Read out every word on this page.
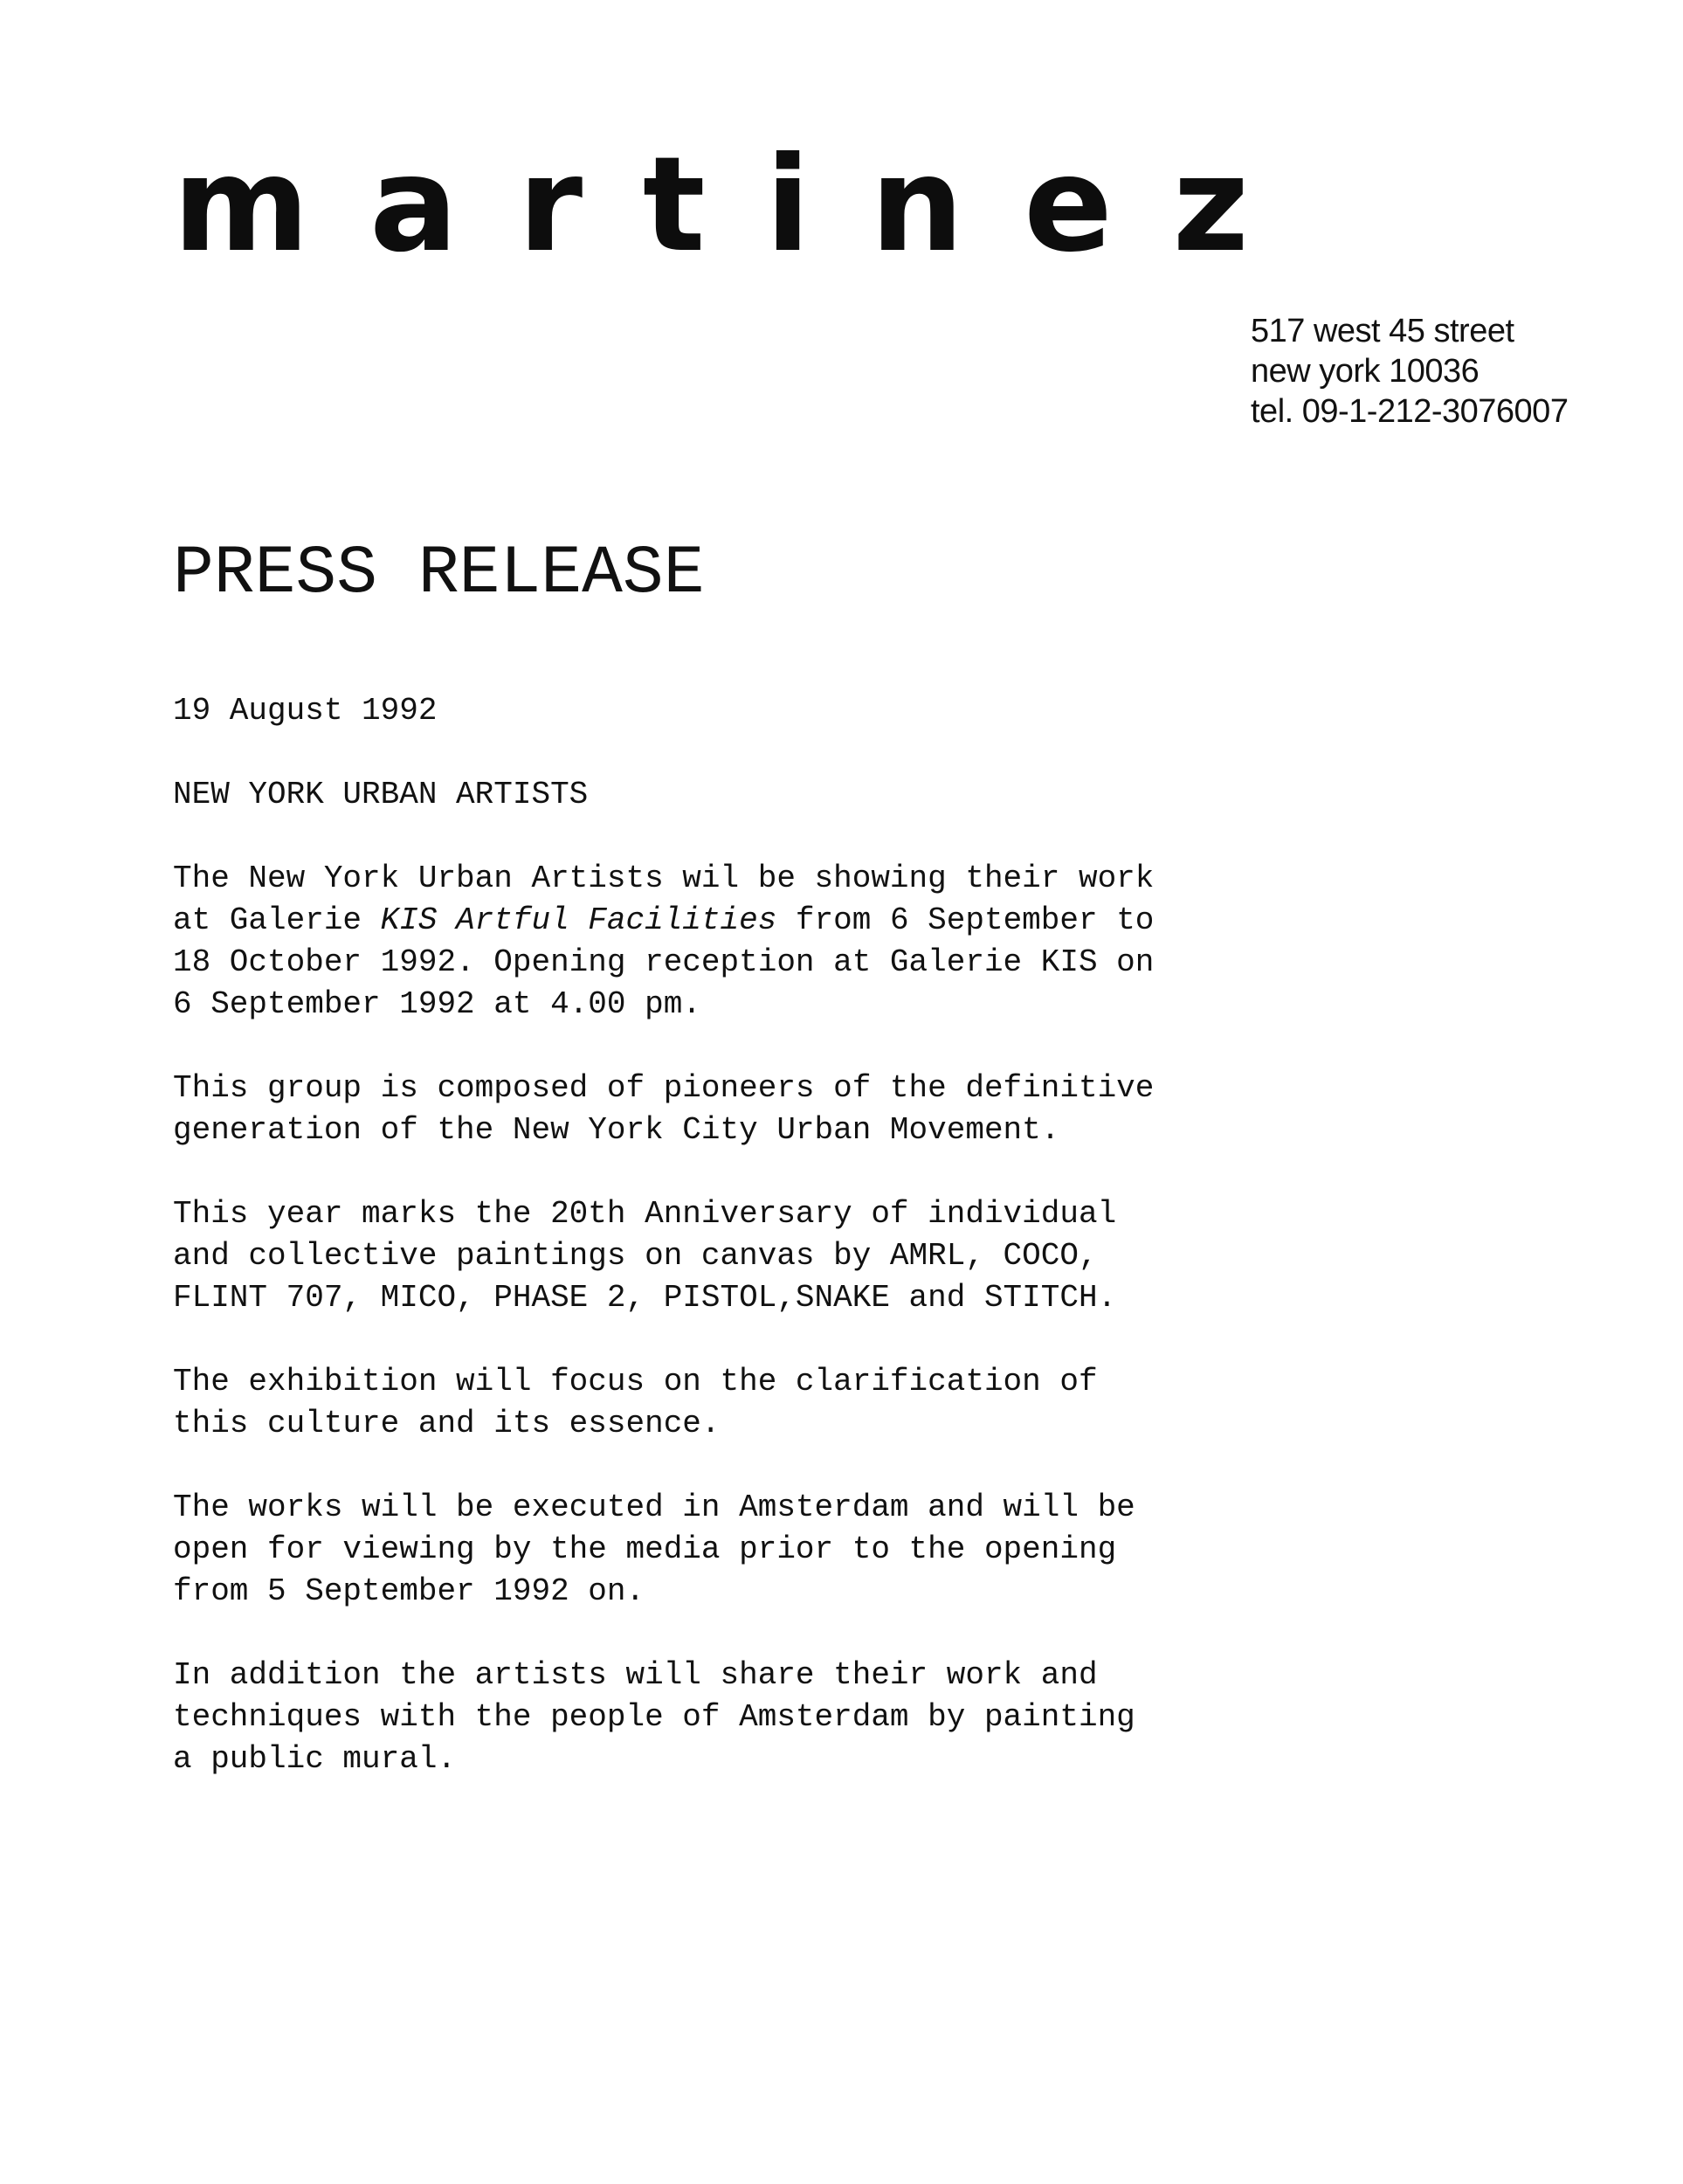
m a r t i n e z
517 west 45 street
new york 10036
tel. 09-1-212-3076007
PRESS RELEASE
19 August 1992
NEW YORK URBAN ARTISTS
The New York Urban Artists wil be showing their work
at Galerie KIS Artful Facilities from 6 September to
18 October 1992. Opening reception at Galerie KIS on
6 September 1992 at 4.00 pm.
This group is composed of pioneers of the definitive
generation of the New York City Urban Movement.
This year marks the 20th Anniversary of individual
and collective paintings on canvas by AMRL, COCO,
FLINT 707, MICO, PHASE 2, PISTOL,SNAKE and STITCH.
The exhibition will focus on the clarification of
this culture and its essence.
The works will be executed in Amsterdam and will be
open for viewing by the media prior to the opening
from 5 September 1992 on.
In addition the artists will share their work and
techniques with the people of Amsterdam by painting
a public mural.
